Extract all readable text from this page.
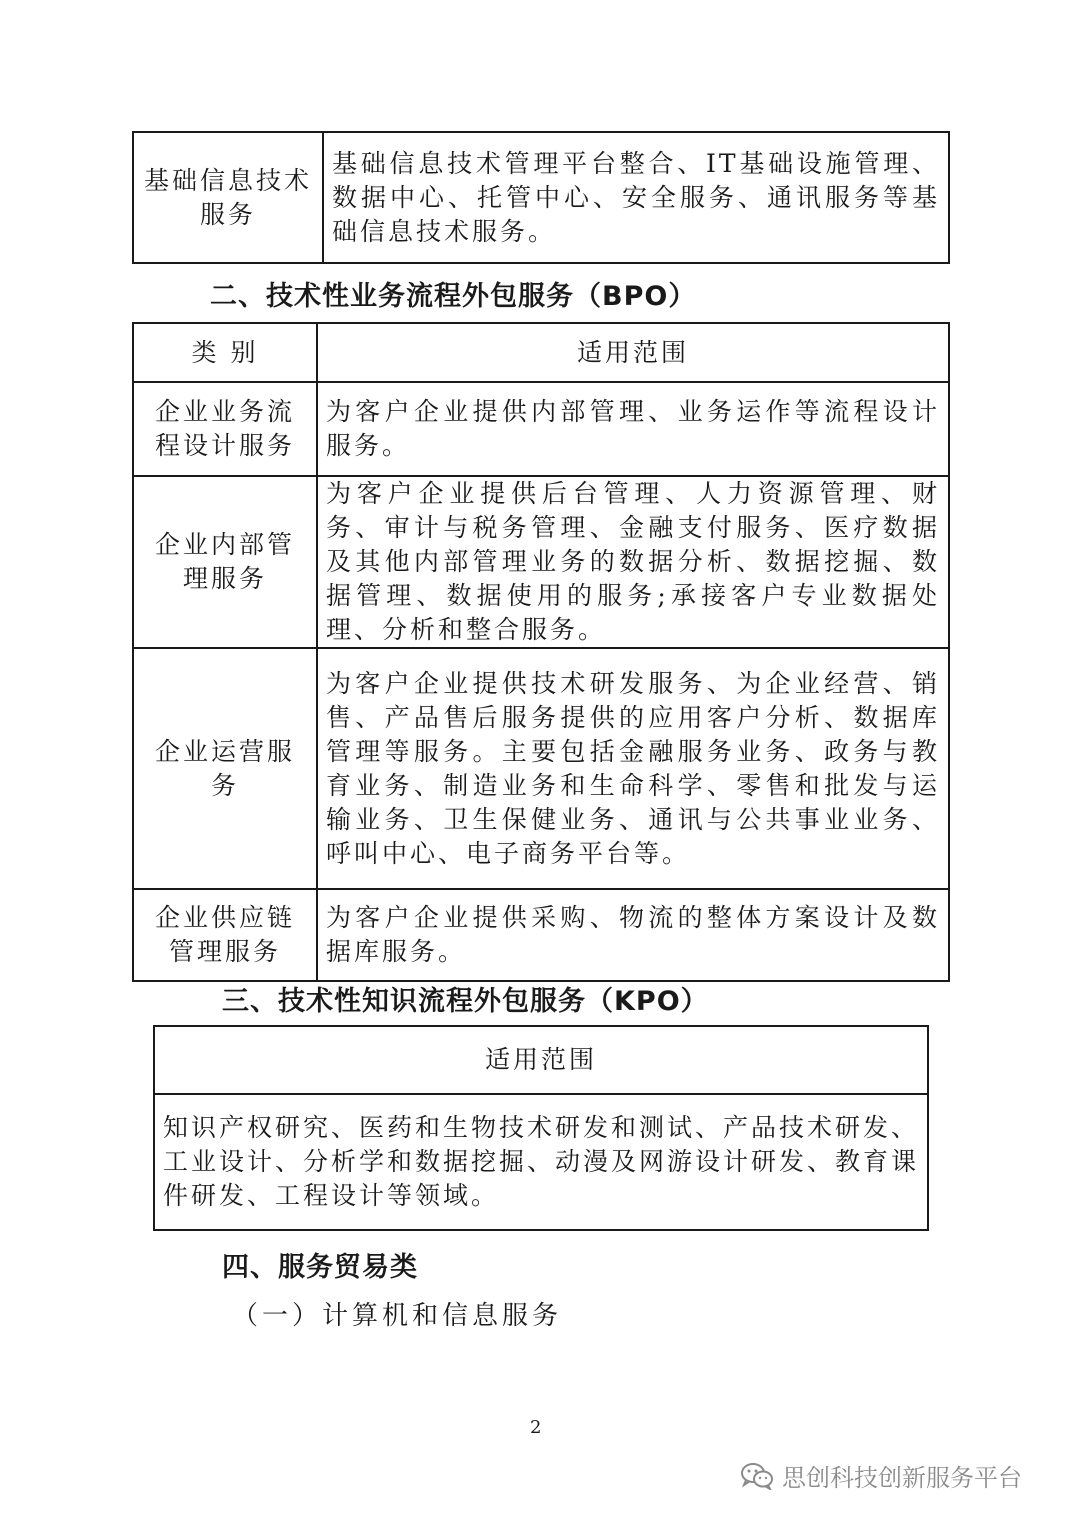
基础信息技术服务	基础信息技术管理平台整合、IT基础设施管理、数据中心、托管中心、安全服务、通讯服务等基础信息技术服务。
二、技术性业务流程外包服务（BPO）
类 别	适用范围
企业业务流程设计服务	为客户企业提供内部管理、业务运作等流程设计服务。
企业内部管理服务	为客户企业提供后台管理、人力资源管理、财务、审计与税务管理、金融支付服务、医疗数据及其他内部管理业务的数据分析、数据挖掘、数据管理、数据使用的服务;承接客户专业数据处理、分析和整合服务。
企业运营服务	为客户企业提供技术研发服务、为企业经营、销售、产品售后服务提供的应用客户分析、数据库管理等服务。主要包括金融服务业务、政务与教育业务、制造业务和生命科学、零售和批发与运输业务、卫生保健业务、通讯与公共事业业务、呼叫中心、电子商务平台等。
企业供应链管理服务	为客户企业提供采购、物流的整体方案设计及数据库服务。
三、技术性知识流程外包服务（KPO）
适用范围
知识产权研究、医药和生物技术研发和测试、产品技术研发、工业设计、分析学和数据挖掘、动漫及网游设计研发、教育课件研发、工程设计等领域。
四、服务贸易类
（一）计算机和信息服务
2
思创科技创新服务平台
